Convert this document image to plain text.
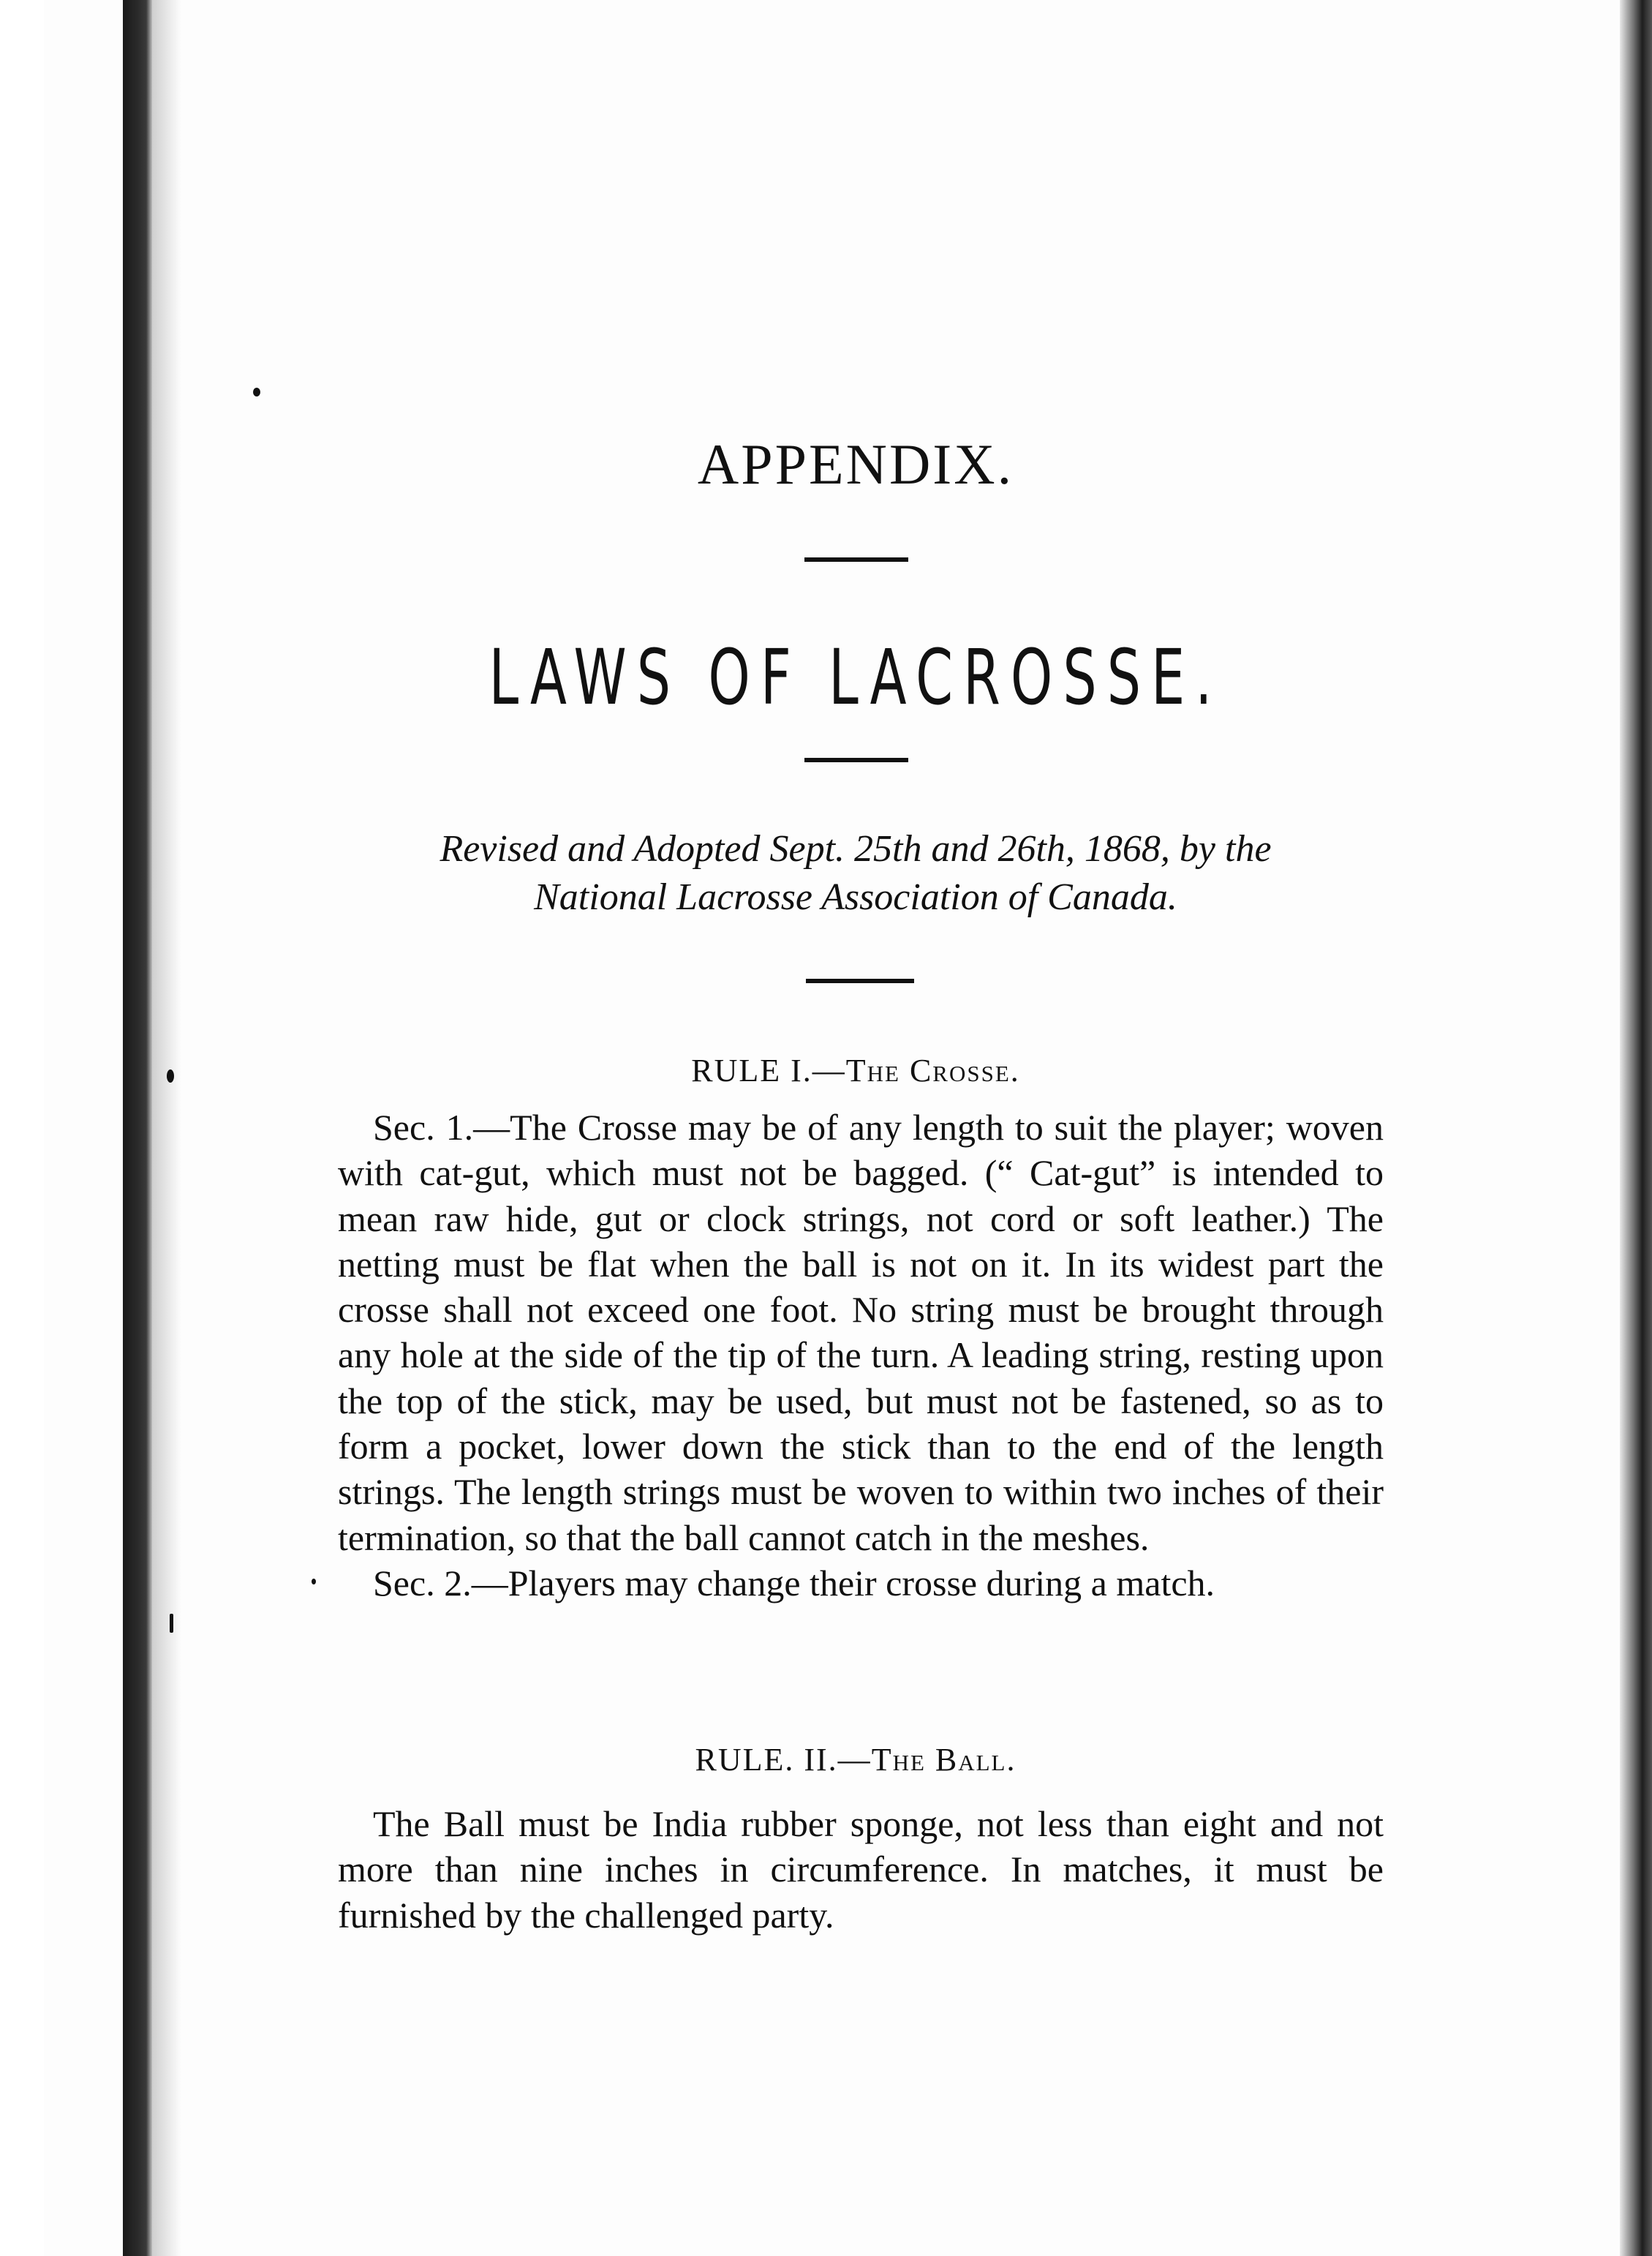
APPENDIX.
LAWS OF LACROSSE.
Revised and Adopted Sept. 25th and 26th, 1868, by the
National Lacrosse Association of Canada.
RULE I.—The Crosse.

Sec. 1.—The Crosse may be of any length to suit the player; woven with cat-gut, which must not be bagged. (“ Cat-gut” is intended to mean raw hide, gut or clock strings, not cord or soft leather.) The netting must be flat when the ball is not on it. In its widest part the crosse shall not exceed one foot. No string must be brought through any hole at the side of the tip of the turn. A leading string, resting upon the top of the stick, may be used, but must not be fastened, so as to form a pocket, lower down the stick than to the end of the length strings. The length strings must be woven to within two inches of their termination, so that the ball cannot catch in the meshes.

Sec. 2.—Players may change their crosse during a match.

RULE. II.—The Ball.

The Ball must be India rubber sponge, not less than eight and not more than nine inches in circumference. In matches, it must be furnished by the challenged party.
